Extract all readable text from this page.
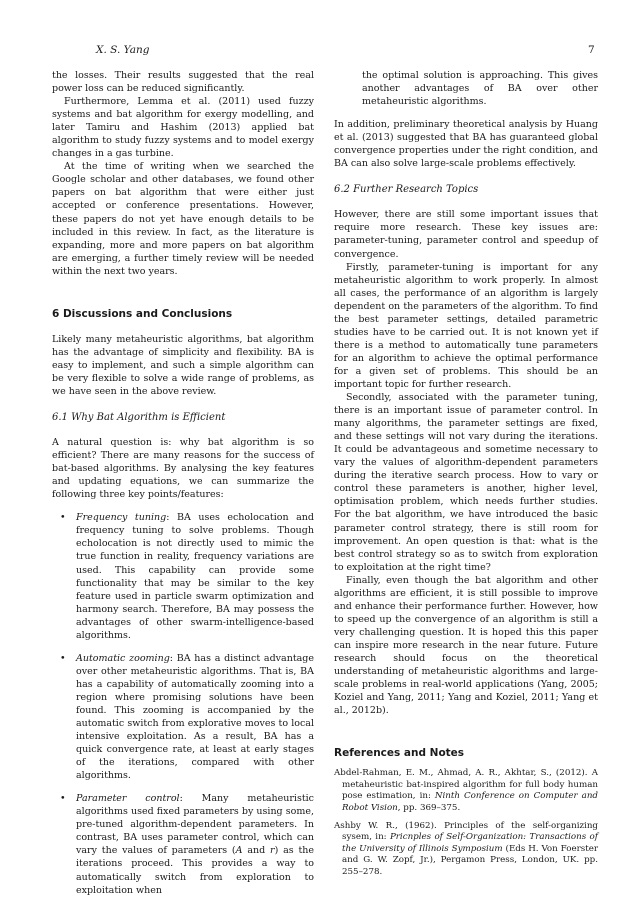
X. S. Yang	7

the losses. Their results suggested that the real power loss can be reduced significantly.

Furthermore, Lemma et al. (2011) used fuzzy systems and bat algorithm for exergy modelling, and later Tamiru and Hashim (2013) applied bat algorithm to study fuzzy systems and to model exergy changes in a gas turbine.

At the time of writing when we searched the Google scholar and other databases, we found other papers on bat algorithm that were either just accepted or conference presentations. However, these papers do not yet have enough details to be included in this review. In fact, as the literature is expanding, more and more papers on bat algorithm are emerging, a further timely review will be needed within the next two years.

6 Discussions and Conclusions

Likely many metaheuristic algorithms, bat algorithm has the advantage of simplicity and flexibility. BA is easy to implement, and such a simple algorithm can be very flexible to solve a wide range of problems, as we have seen in the above review.

6.1 Why Bat Algorithm is Efficient

A natural question is: why bat algorithm is so efficient? There are many reasons for the success of bat-based algorithms. By analysing the key features and updating equations, we can summarize the following three key points/features:

• Frequency tuning: BA uses echolocation and frequency tuning to solve problems. Though echolocation is not directly used to mimic the true function in reality, frequency variations are used. This capability can provide some functionality that may be similar to the key feature used in particle swarm optimization and harmony search. Therefore, BA may possess the advantages of other swarm-intelligence-based algorithms.
• Automatic zooming: BA has a distinct advantage over other metaheuristic algorithms. That is, BA has a capability of automatically zooming into a region where promising solutions have been found. This zooming is accompanied by the automatic switch from explorative moves to local intensive exploitation. As a result, BA has a quick convergence rate, at least at early stages of the iterations, compared with other algorithms.
• Parameter control: Many metaheuristic algorithms used fixed parameters by using some, pre-tuned algorithm-dependent parameters. In contrast, BA uses parameter control, which can vary the values of parameters (A and r) as the iterations proceed. This provides a way to automatically switch from exploration to exploitation when

the optimal solution is approaching. This gives another advantages of BA over other metaheuristic algorithms.

In addition, preliminary theoretical analysis by Huang et al. (2013) suggested that BA has guaranteed global convergence properties under the right condition, and BA can also solve large-scale problems effectively.

6.2 Further Research Topics

However, there are still some important issues that require more research. These key issues are: parameter-tuning, parameter control and speedup of convergence.

Firstly, parameter-tuning is important for any metaheuristic algorithm to work properly. In almost all cases, the performance of an algorithm is largely dependent on the parameters of the algorithm. To find the best parameter settings, detailed parametric studies have to be carried out. It is not known yet if there is a method to automatically tune parameters for an algorithm to achieve the optimal performance for a given set of problems. This should be an important topic for further research.

Secondly, associated with the parameter tuning, there is an important issue of parameter control. In many algorithms, the parameter settings are fixed, and these settings will not vary during the iterations. It could be advantageous and sometime necessary to vary the values of algorithm-dependent parameters during the iterative search process. How to vary or control these parameters is another, higher level, optimisation problem, which needs further studies. For the bat algorithm, we have introduced the basic parameter control strategy, there is still room for improvement. An open question is that: what is the best control strategy so as to switch from exploration to exploitation at the right time?

Finally, even though the bat algorithm and other algorithms are efficient, it is still possible to improve and enhance their performance further. However, how to speed up the convergence of an algorithm is still a very challenging question. It is hoped this this paper can inspire more research in the near future. Future research should focus on the theoretical understanding of metaheuristic algorithms and large-scale problems in real-world applications (Yang, 2005; Koziel and Yang, 2011; Yang and Koziel, 2011; Yang et al., 2012b).

References and Notes

Abdel-Rahman, E. M., Ahmad, A. R., Akhtar, S., (2012). A metaheuristic bat-inspired algorithm for full body human pose estimation, in: Ninth Conference on Computer and Robot Vision, pp. 369–375.

Ashby W. R., (1962). Principles of the self-organizing sysem, in: Pricnples of Self-Organization: Transactions of the University of Illinois Symposium (Eds H. Von Foerster and G. W. Zopf, Jr.), Pergamon Press, London, UK. pp. 255–278.
